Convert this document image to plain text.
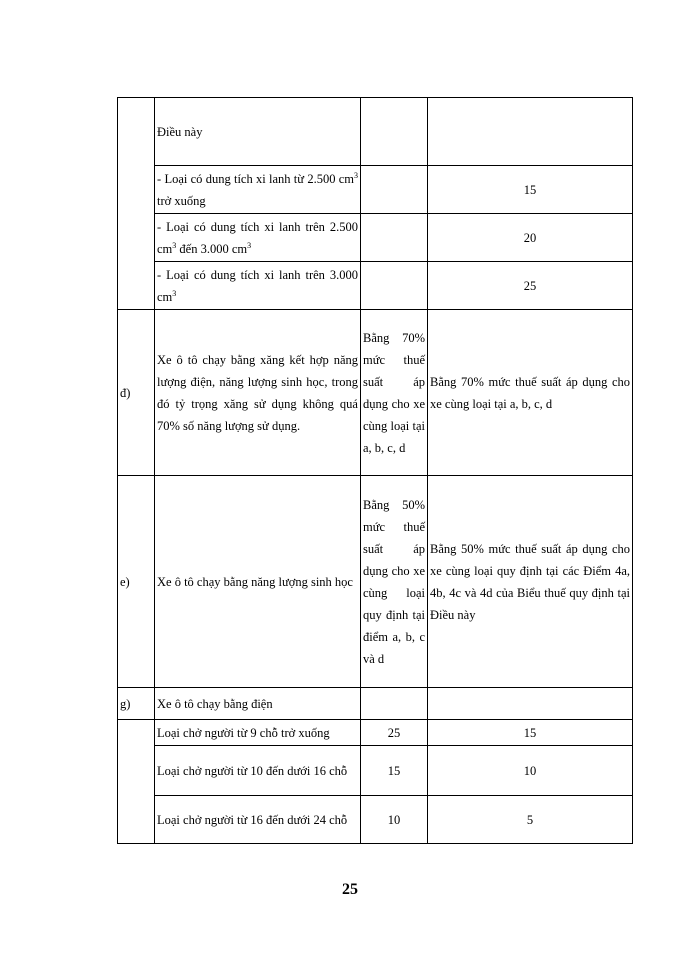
	Điều này		
	- Loại có dung tích xi lanh từ 2.500 $cm^3$ trở xuống		15
	- Loại có dung tích xi lanh trên 2.500 $cm^3$ đến 3.000 $cm^3$		20
	- Loại có dung tích xi lanh trên 3.000 $cm^3$		25
đ)	Xe ô tô chạy bằng xăng kết hợp năng lượng điện, năng lượng sinh học, trong đó tỷ trọng xăng sử dụng không quá 70% số năng lượng sử dụng.	Bằng 70% mức thuế suất áp dụng cho xe cùng loại tại a, b, c, d	Bằng 70% mức thuế suất áp dụng cho xe cùng loại tại a, b, c, d
e)	Xe ô tô chạy bằng năng lượng sinh học	Bằng 50% mức thuế suất áp dụng cho xe cùng loại quy định tại điểm a, b, c và d	Bằng 50% mức thuế suất áp dụng cho xe cùng loại quy định tại các Điểm 4a, 4b, 4c và 4d của Biểu thuế quy định tại Điều này
g)	Xe ô tô chạy bằng điện		
	Loại chở người từ 9 chỗ trở xuống	25	15
	Loại chở người từ 10 đến dưới 16 chỗ	15	10
	Loại chở người từ 16 đến dưới 24 chỗ	10	5
25
